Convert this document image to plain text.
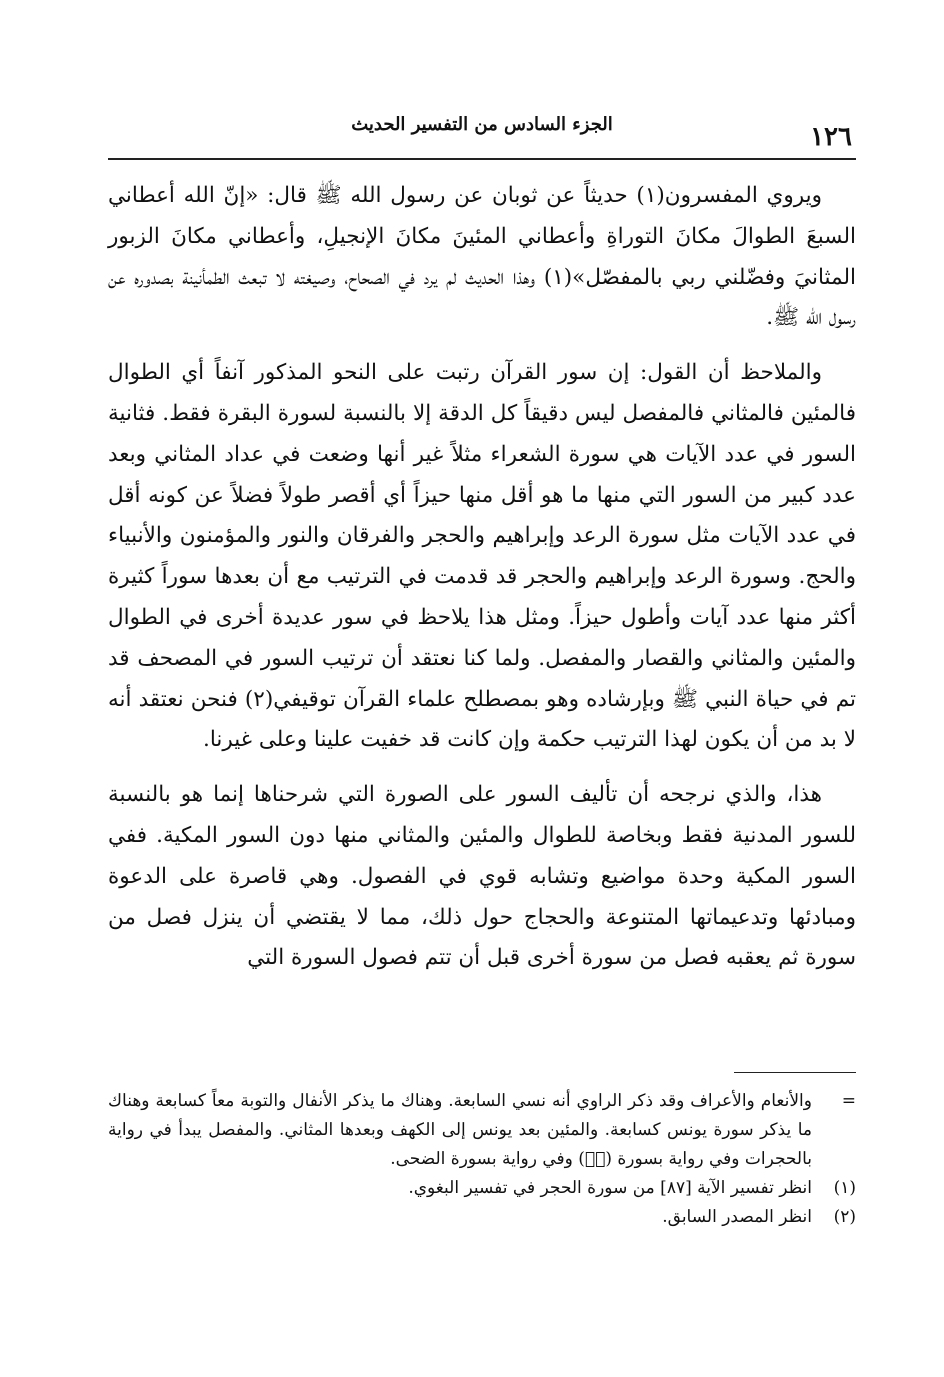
١٢٦
الجزء السادس من التفسير الحديث

ويروي المفسرون(١) حديثاً عن ثوبان عن رسول الله ﷺ قال: «إنّ الله أعطاني السبعَ الطوالَ مكانَ التوراةِ وأعطاني المئينَ مكانَ الإنجيلِ، وأعطاني مكانَ الزبور المثانيَ وفضّلني ربي بالمفصّل»(١) وهذا الحديث لم يرد في الصحاح، وصيغته لا تبعث الطمأنينة بصدوره عن رسول الله ﷺ.

والملاحظ أن القول: إن سور القرآن رتبت على النحو المذكور آنفاً أي الطوال فالمئين فالمثاني فالمفصل ليس دقيقاً كل الدقة إلا بالنسبة لسورة البقرة فقط. فثانية السور في عدد الآيات هي سورة الشعراء مثلاً غير أنها وضعت في عداد المثاني وبعد عدد كبير من السور التي منها ما هو أقل منها حيزاً أي أقصر طولاً فضلاً عن كونه أقل في عدد الآيات مثل سورة الرعد وإبراهيم والحجر والفرقان والنور والمؤمنون والأنبياء والحج. وسورة الرعد وإبراهيم والحجر قد قدمت في الترتيب مع أن بعدها سوراً كثيرة أكثر منها عدد آيات وأطول حيزاً. ومثل هذا يلاحظ في سور عديدة أخرى في الطوال والمئين والمثاني والقصار والمفصل. ولما كنا نعتقد أن ترتيب السور في المصحف قد تم في حياة النبي ﷺ وبإرشاده وهو بمصطلح علماء القرآن توقيفي(٢) فنحن نعتقد أنه لا بد من أن يكون لهذا الترتيب حكمة وإن كانت قد خفيت علينا وعلى غيرنا.

هذا، والذي نرجحه أن تأليف السور على الصورة التي شرحناها إنما هو بالنسبة للسور المدنية فقط وبخاصة للطوال والمئين والمثاني منها دون السور المكية. ففي السور المكية وحدة مواضيع وتشابه قوي في الفصول. وهي قاصرة على الدعوة ومبادئها وتدعيماتها المتنوعة والحجاج حول ذلك، مما لا يقتضي أن ينزل فصل من سورة ثم يعقبه فصل من سورة أخرى قبل أن تتم فصول السورة التي

=
والأنعام والأعراف وقد ذكر الراوي أنه نسي السابعة. وهناك ما يذكر الأنفال والتوبة معاً كسابعة وهناك ما يذكر سورة يونس كسابعة. والمئين بعد يونس إلى الكهف وبعدها المثاني. والمفصل يبدأ في رواية بالحجرات وفي رواية بسورة (قۤ) وفي رواية بسورة الضحى.
(١)
انظر تفسير الآية [٨٧] من سورة الحجر في تفسير البغوي.
(٢)
انظر المصدر السابق.
